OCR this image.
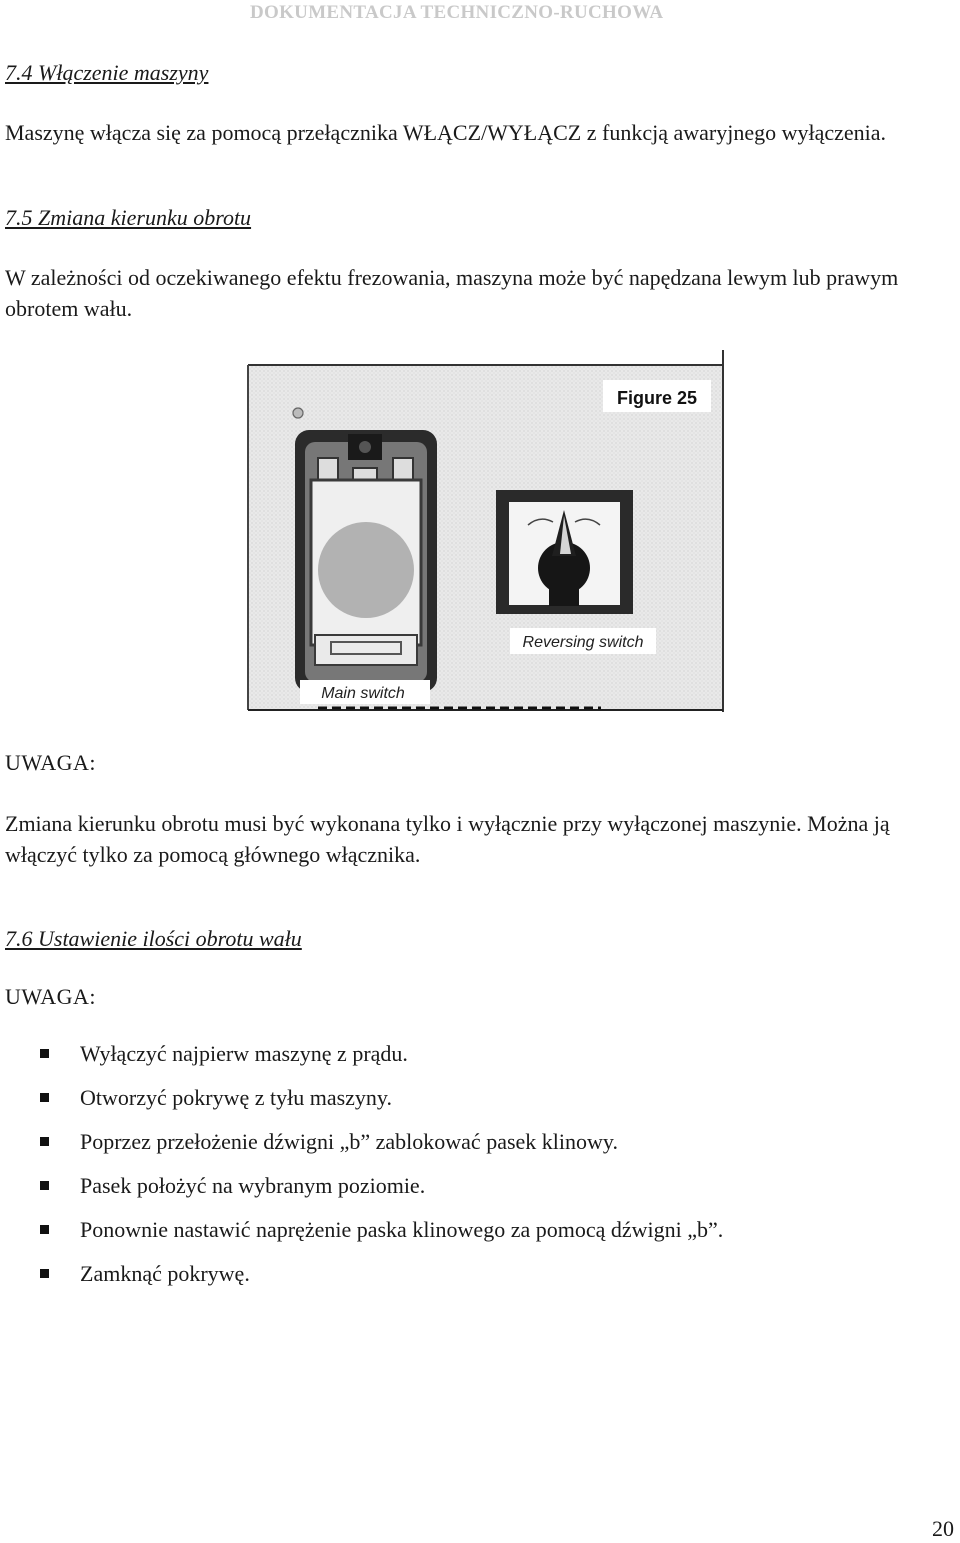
DOKUMENTACJA TECHNICZNO-RUCHOWA
7.4 Włączenie maszyny
Maszynę włącza się za pomocą przełącznika WŁĄCZ/WYŁĄCZ z funkcją awaryjnego wyłączenia.
7.5 Zmiana kierunku obrotu
W zależności od oczekiwanego efektu frezowania, maszyna może być napędzana lewym lub prawym obrotem wału.
Figure 25
Reversing switch
Main switch
UWAGA:
Zmiana kierunku obrotu musi być wykonana tylko i wyłącznie przy wyłączonej maszynie. Można ją włączyć tylko za pomocą głównego włącznika.
7.6 Ustawienie ilości obrotu wału
UWAGA:
Wyłączyć najpierw maszynę z prądu.
Otworzyć pokrywę z tyłu maszyny.
Poprzez przełożenie dźwigni „b” zablokować pasek klinowy.
Pasek położyć na wybranym poziomie.
Ponownie nastawić naprężenie paska klinowego za pomocą dźwigni „b”.
Zamknąć pokrywę.
20
